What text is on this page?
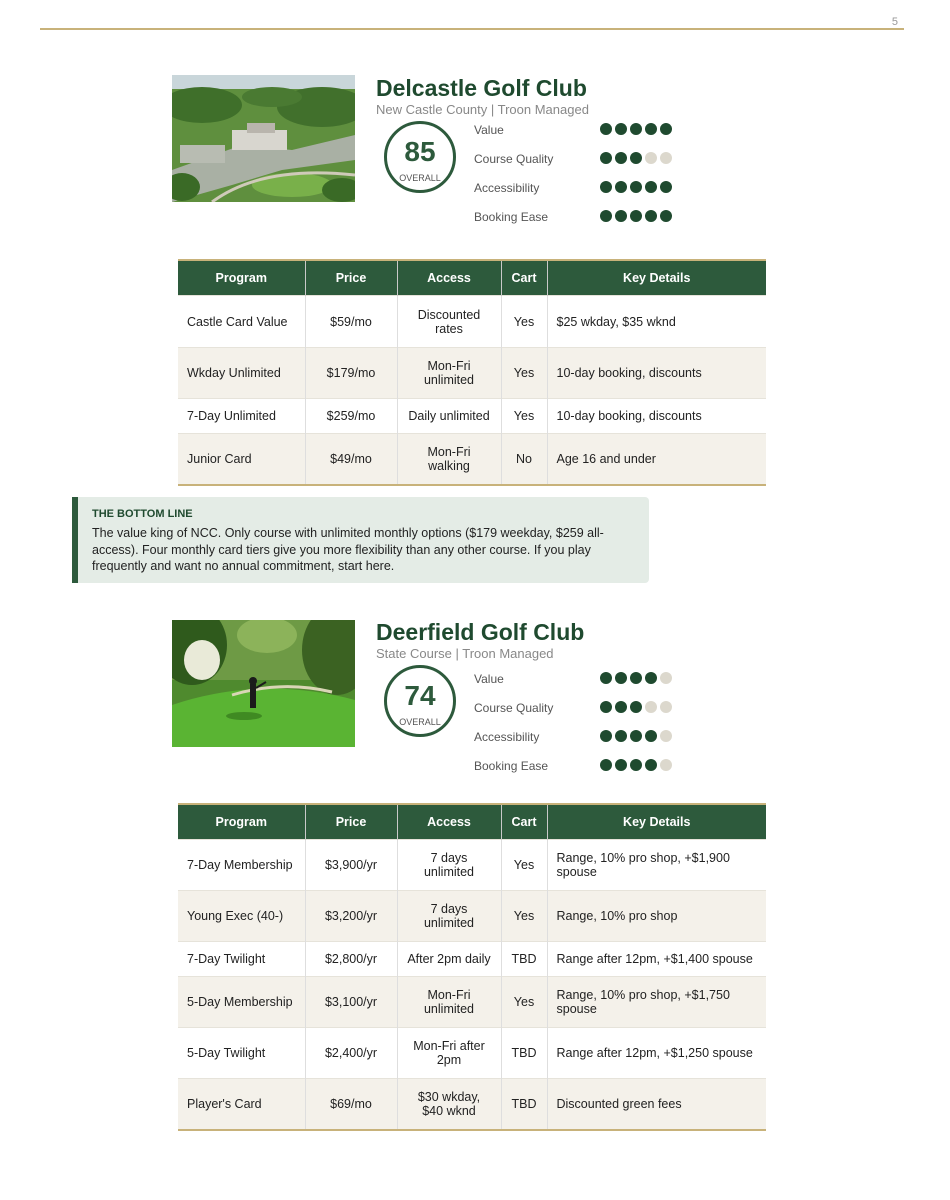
5
Delcastle Golf Club
New Castle County | Troon Managed
85
OVERALL
Value
Course Quality
Accessibility
Booking Ease
Program	Price	Access	Cart	Key Details
Castle Card Value	$59/mo	Discounted rates	Yes	$25 wkday, $35 wknd
Wkday Unlimited	$179/mo	Mon-Fri unlimited	Yes	10-day booking, discounts
7-Day Unlimited	$259/mo	Daily unlimited	Yes	10-day booking, discounts
Junior Card	$49/mo	Mon-Fri walking	No	Age 16 and under
THE BOTTOM LINE
The value king of NCC. Only course with unlimited monthly options ($179 weekday, $259 all-access). Four monthly card tiers give you more flexibility than any other course. If you play frequently and want no annual commitment, start here.
Deerfield Golf Club
State Course | Troon Managed
74
OVERALL
Value
Course Quality
Accessibility
Booking Ease
Program	Price	Access	Cart	Key Details
7-Day Membership	$3,900/yr	7 days unlimited	Yes	Range, 10% pro shop, +$1,900 spouse
Young Exec (40-)	$3,200/yr	7 days unlimited	Yes	Range, 10% pro shop
7-Day Twilight	$2,800/yr	After 2pm daily	TBD	Range after 12pm, +$1,400 spouse
5-Day Membership	$3,100/yr	Mon-Fri unlimited	Yes	Range, 10% pro shop, +$1,750 spouse
5-Day Twilight	$2,400/yr	Mon-Fri after 2pm	TBD	Range after 12pm, +$1,250 spouse
Player's Card	$69/mo	$30 wkday, $40 wknd	TBD	Discounted green fees
